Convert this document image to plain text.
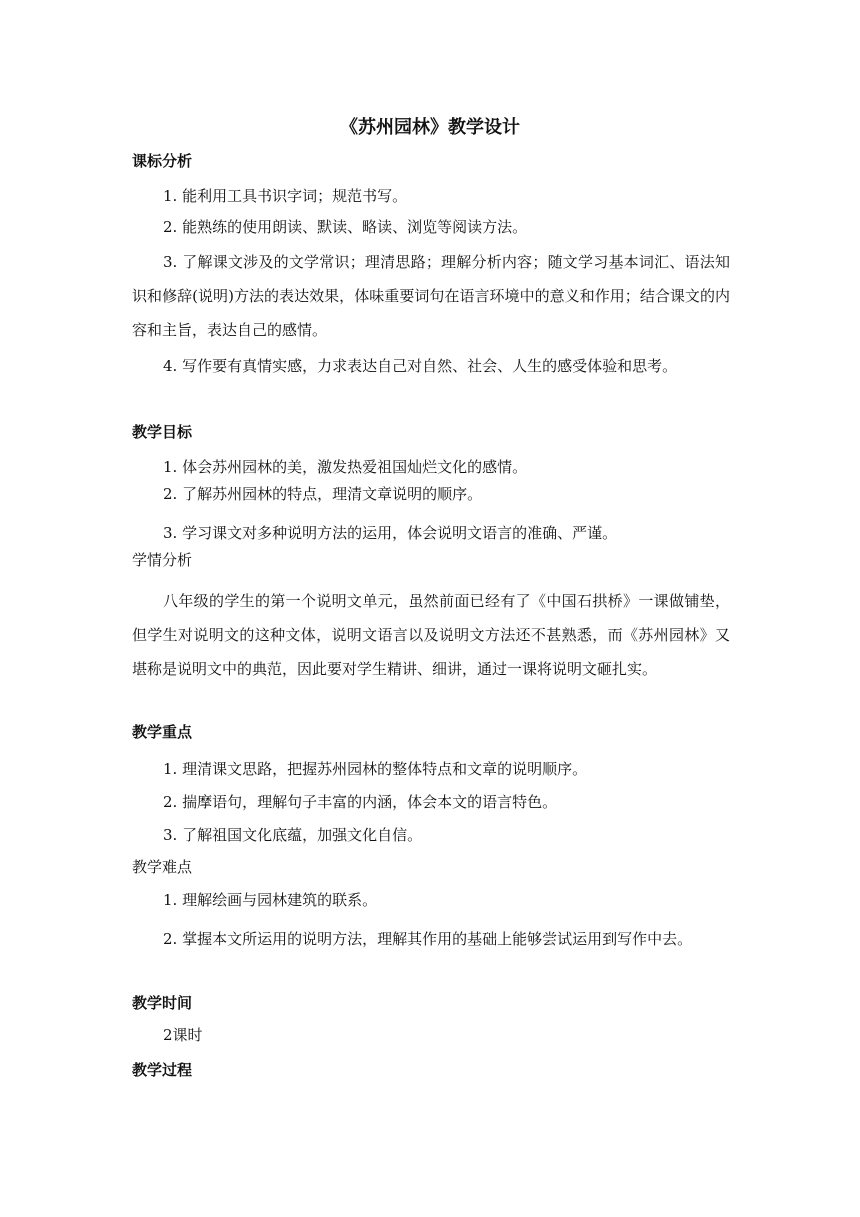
《苏州园林》教学设计
课标分析
1. 能利用工具书识字词；规范书写。
2. 能熟练的使用朗读、默读、略读、浏览等阅读方法。
3. 了解课文涉及的文学常识；理清思路；理解分析内容；随文学习基本词汇、语法知识和修辞(说明)方法的表达效果，体味重要词句在语言环境中的意义和作用；结合课文的内容和主旨，表达自己的感情。
4. 写作要有真情实感，力求表达自己对自然、社会、人生的感受体验和思考。
教学目标
1. 体会苏州园林的美，激发热爱祖国灿烂文化的感情。
2. 了解苏州园林的特点，理清文章说明的顺序。
3. 学习课文对多种说明方法的运用，体会说明文语言的准确、严谨。
学情分析
八年级的学生的第一个说明文单元，虽然前面已经有了《中国石拱桥》一课做铺垫，但学生对说明文的这种文体，说明文语言以及说明文方法还不甚熟悉，而《苏州园林》又堪称是说明文中的典范，因此要对学生精讲、细讲，通过一课将说明文砸扎实。
教学重点
1. 理清课文思路，把握苏州园林的整体特点和文章的说明顺序。
2. 揣摩语句，理解句子丰富的内涵，体会本文的语言特色。
3. 了解祖国文化底蕴，加强文化自信。
教学难点
1. 理解绘画与园林建筑的联系。
2. 掌握本文所运用的说明方法，理解其作用的基础上能够尝试运用到写作中去。
教学时间
2课时
教学过程
